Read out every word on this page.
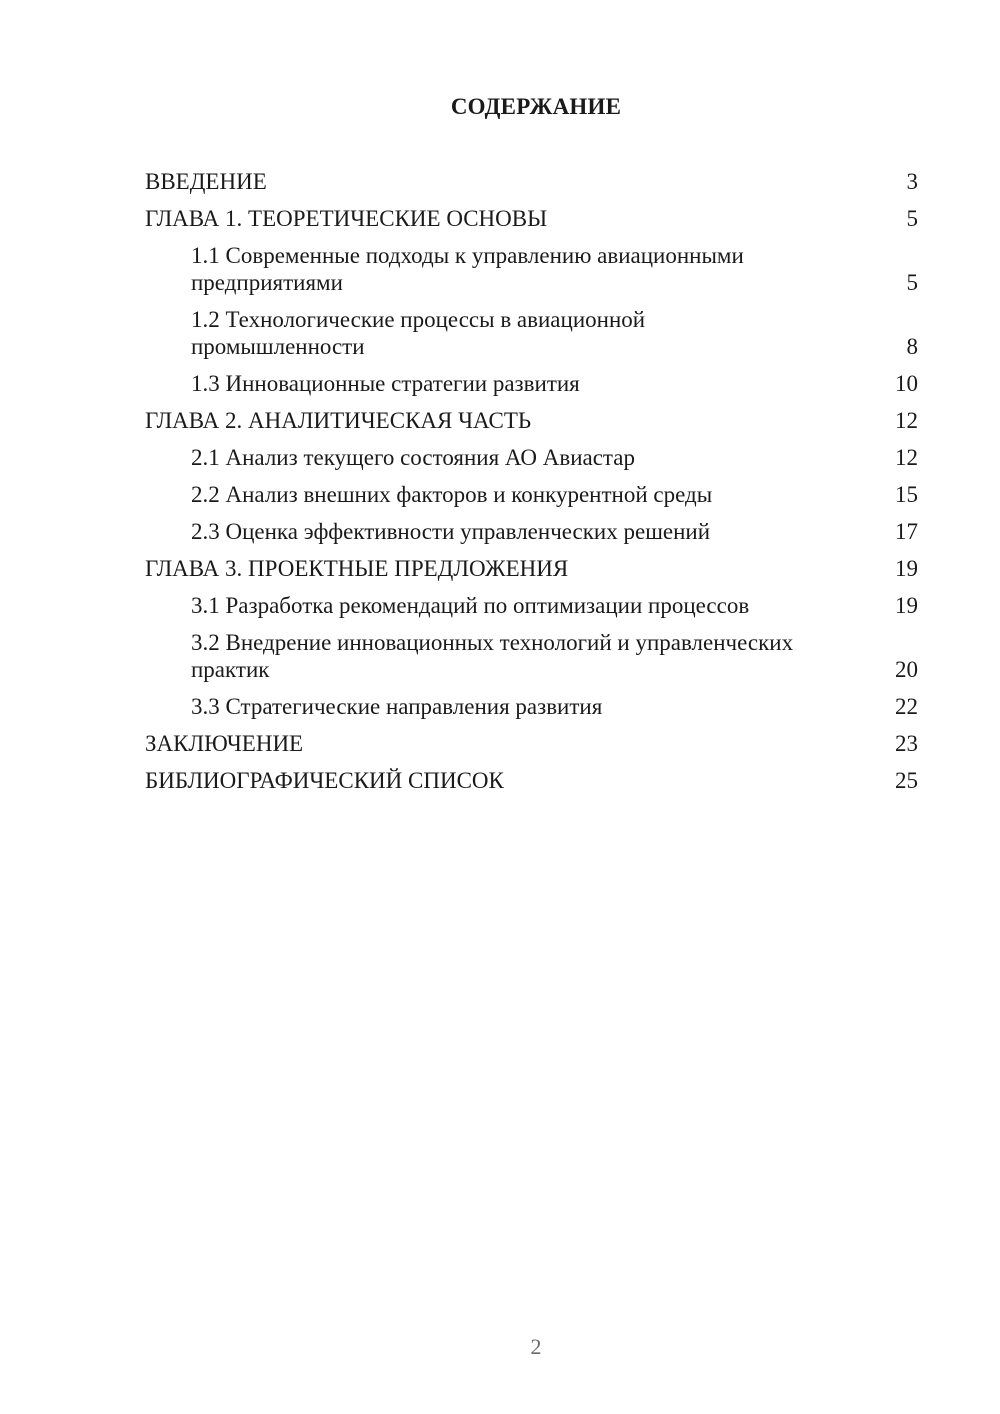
СОДЕРЖАНИЕ
ВВЕДЕНИЕ	3
ГЛАВА 1. ТЕОРЕТИЧЕСКИЕ ОСНОВЫ	5
1.1 Современные подходы к управлению авиационными предприятиями	5
1.2 Технологические процессы в авиационной промышленности	8
1.3 Инновационные стратегии развития	10
ГЛАВА 2. АНАЛИТИЧЕСКАЯ ЧАСТЬ	12
2.1 Анализ текущего состояния АО Авиастар	12
2.2 Анализ внешних факторов и конкурентной среды	15
2.3 Оценка эффективности управленческих решений	17
ГЛАВА 3. ПРОЕКТНЫЕ ПРЕДЛОЖЕНИЯ	19
3.1 Разработка рекомендаций по оптимизации процессов	19
3.2 Внедрение инновационных технологий и управленческих практик	20
3.3 Стратегические направления развития	22
ЗАКЛЮЧЕНИЕ	23
БИБЛИОГРАФИЧЕСКИЙ СПИСОК	25
2
